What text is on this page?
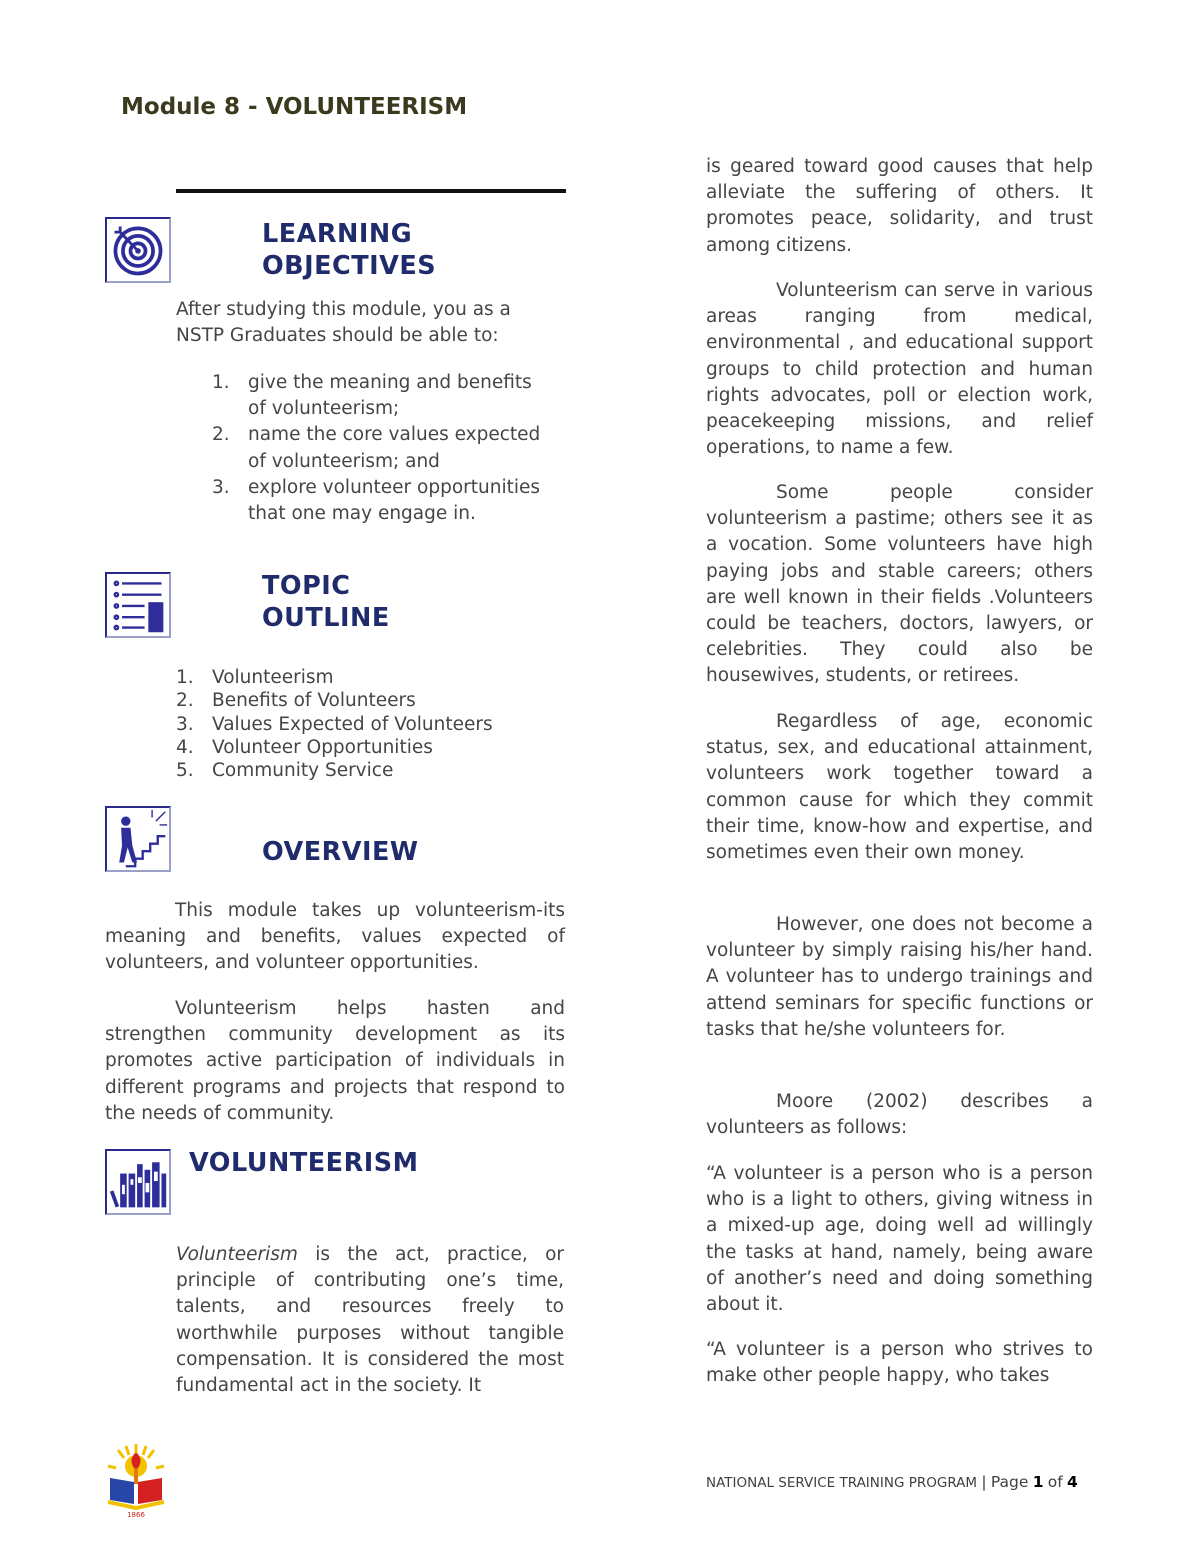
Module 8 - VOLUNTEERISM
LEARNING
OBJECTIVES
After studying this module, you as a
NSTP Graduates should be able to:
1. give the meaning and benefits
of volunteerism;
2. name the core values expected
of volunteerism; and
3. explore volunteer opportunities
that one may engage in.
TOPIC
OUTLINE
1. Volunteerism
2. Benefits of Volunteers
3. Values Expected of Volunteers
4. Volunteer Opportunities
5. Community Service
OVERVIEW
This module takes up volunteerism-its meaning and benefits, values expected of volunteers, and volunteer opportunities.
Volunteerism helps hasten and strengthen community development as its promotes active participation of individuals in different programs and projects that respond to the needs of community.
VOLUNTEERISM
Volunteerism is the act, practice, or principle of contributing one’s time, talents, and resources freely to worthwhile purposes without tangible compensation. It is considered the most fundamental act in the society. It
is geared toward good causes that help alleviate the suffering of others. It promotes peace, solidarity, and trust among citizens.
Volunteerism can serve in various areas ranging from medical, environmental , and educational support groups to child protection and human rights advocates, poll or election work, peacekeeping missions, and relief operations, to name a few.
Some people consider volunteerism a pastime; others see it as a vocation. Some volunteers have high paying jobs and stable careers; others are well known in their fields .Volunteers could be teachers, doctors, lawyers, or celebrities. They could also be housewives, students, or retirees.
Regardless of age, economic status, sex, and educational attainment, volunteers work together toward a common cause for which they commit their time, know-how and expertise, and sometimes even their own money.
However, one does not become a volunteer by simply raising his/her hand. A volunteer has to undergo trainings and attend seminars for specific functions or tasks that he/she volunteers for.
Moore (2002) describes a volunteers as follows:
“A volunteer is a person who is a person who is a light to others, giving witness in a mixed-up age, doing well ad willingly the tasks at hand, namely, being aware of another’s need and doing something about it.
“A volunteer is a person who strives to make other people happy, who takes
1866
NATIONAL SERVICE TRAINING PROGRAM | Page 1 of 4
